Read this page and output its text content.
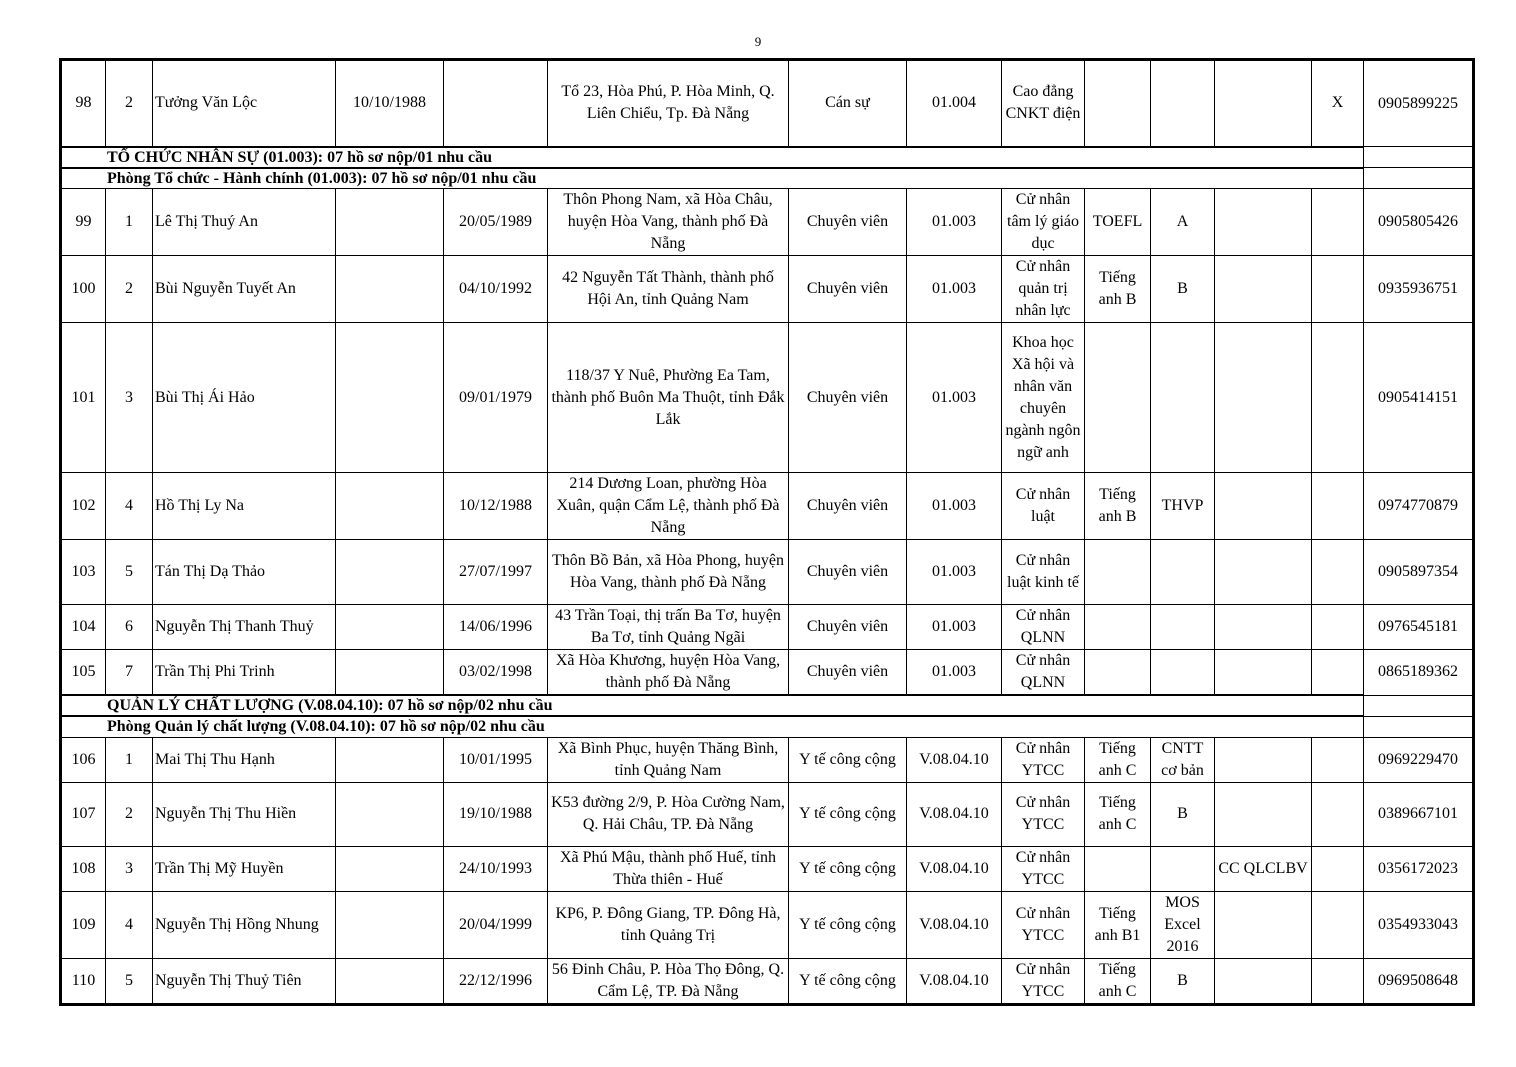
9
98	2	Tưởng Văn Lộc	10/10/1988		Tổ 23, Hòa Phú, P. Hòa Minh, Q. Liên Chiểu, Tp. Đà Nẵng	Cán sự	01.004	Cao đẳng CNKT điện				X	0905899225
TỔ CHỨC NHÂN SỰ (01.003): 07 hồ sơ nộp/01 nhu cầu													
Phòng Tổ chức - Hành chính (01.003): 07 hồ sơ nộp/01 nhu cầu													
99	1	Lê Thị Thuý An		20/05/1989	Thôn Phong Nam, xã Hòa Châu, huyện Hòa Vang, thành phố Đà Nẵng	Chuyên viên	01.003	Cử nhân tâm lý giáo dục	TOEFL	A			0905805426
100	2	Bùi Nguyễn Tuyết An		04/10/1992	42 Nguyễn Tất Thành, thành phố Hội An, tỉnh Quảng Nam	Chuyên viên	01.003	Cử nhân quản trị nhân lực	Tiếng anh B	B			0935936751
101	3	Bùi Thị Ái Hảo		09/01/1979	118/37 Y Nuê, Phường Ea Tam, thành phố Buôn Ma Thuột, tỉnh Đắk Lắk	Chuyên viên	01.003	Khoa học Xã hội và nhân văn chuyên ngành ngôn ngữ anh					0905414151
102	4	Hồ Thị Ly Na		10/12/1988	214 Dương Loan, phường Hòa Xuân, quận Cẩm Lệ, thành phố Đà Nẵng	Chuyên viên	01.003	Cử nhân luật	Tiếng anh B	THVP			0974770879
103	5	Tán Thị Dạ Thảo		27/07/1997	Thôn Bồ Bản, xã Hòa Phong, huyện Hòa Vang, thành phố Đà Nẵng	Chuyên viên	01.003	Cử nhân luật kinh tế					0905897354
104	6	Nguyễn Thị Thanh Thuỷ		14/06/1996	43 Trần Toại, thị trấn Ba Tơ, huyện Ba Tơ, tỉnh Quảng Ngãi	Chuyên viên	01.003	Cử nhân QLNN					0976545181
105	7	Trần Thị Phi Trinh		03/02/1998	Xã Hòa Khương, huyện Hòa Vang, thành phố Đà Nẵng	Chuyên viên	01.003	Cử nhân QLNN					0865189362
QUẢN LÝ CHẤT LƯỢNG (V.08.04.10): 07 hồ sơ nộp/02 nhu cầu													
Phòng Quản lý chất lượng (V.08.04.10): 07 hồ sơ nộp/02 nhu cầu													
106	1	Mai Thị Thu Hạnh		10/01/1995	Xã Bình Phục, huyện Thăng Bình, tỉnh Quảng Nam	Y tế công cộng	V.08.04.10	Cử nhân YTCC	Tiếng anh C	CNTT cơ bản			0969229470
107	2	Nguyễn Thị Thu Hiền		19/10/1988	K53 đường 2/9, P. Hòa Cường Nam, Q. Hải Châu, TP. Đà Nẵng	Y tế công cộng	V.08.04.10	Cử nhân YTCC	Tiếng anh C	B			0389667101
108	3	Trần Thị Mỹ Huyền		24/10/1993	Xã Phú Mậu, thành phố Huế, tỉnh Thừa thiên - Huế	Y tế công cộng	V.08.04.10	Cử nhân YTCC			CC QLCLBV		0356172023
109	4	Nguyễn Thị Hồng Nhung		20/04/1999	KP6, P. Đông Giang, TP. Đông Hà, tỉnh Quảng Trị	Y tế công cộng	V.08.04.10	Cử nhân YTCC	Tiếng anh B1	MOS Excel 2016			0354933043
110	5	Nguyễn Thị Thuỷ Tiên		22/12/1996	56 Đinh Châu, P. Hòa Thọ Đông, Q. Cẩm Lệ, TP. Đà Nẵng	Y tế công cộng	V.08.04.10	Cử nhân YTCC	Tiếng anh C	B			0969508648
